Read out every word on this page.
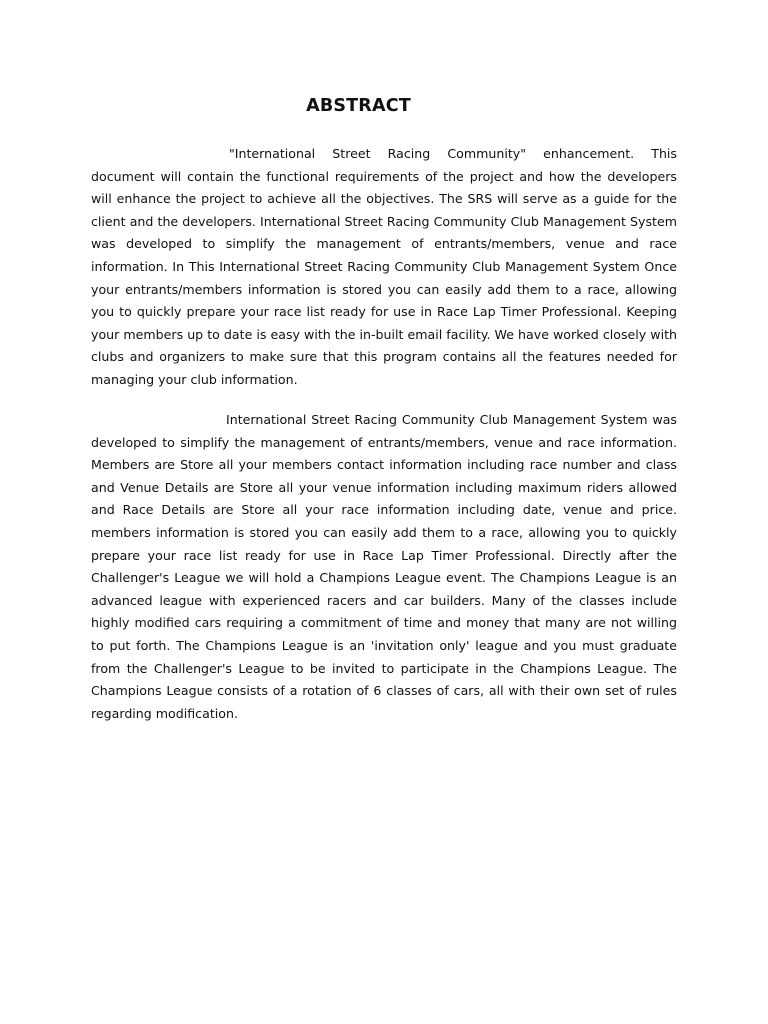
ABSTRACT

"International Street Racing Community" enhancement. This document will contain the functional requirements of the project and how the developers will enhance the project to achieve all the objectives. The SRS will serve as a guide for the client and the developers. International Street Racing Community Club Management System was developed to simplify the management of entrants/members, venue and race information. In This International Street Racing Community Club Management System Once your entrants/members information is stored you can easily add them to a race, allowing you to quickly prepare your race list ready for use in Race Lap Timer Professional. Keeping your members up to date is easy with the in-built email facility. We have worked closely with clubs and organizers to make sure that this program contains all the features needed for managing your club information.

International Street Racing Community Club Management System was developed to simplify the management of entrants/members, venue and race information. Members are Store all your members contact information including race number and class and Venue Details are Store all your venue information including maximum riders allowed and Race Details are Store all your race information including date, venue and price. members information is stored you can easily add them to a race, allowing you to quickly prepare your race list ready for use in Race Lap Timer Professional. Directly after the Challenger's League we will hold a Champions League event. The Champions League is an advanced league with experienced racers and car builders. Many of the classes include highly modified cars requiring a commitment of time and money that many are not willing to put forth. The Champions League is an 'invitation only' league and you must graduate from the Challenger's League to be invited to participate in the Champions League. The Champions League consists of a rotation of 6 classes of cars, all with their own set of rules regarding modification.
